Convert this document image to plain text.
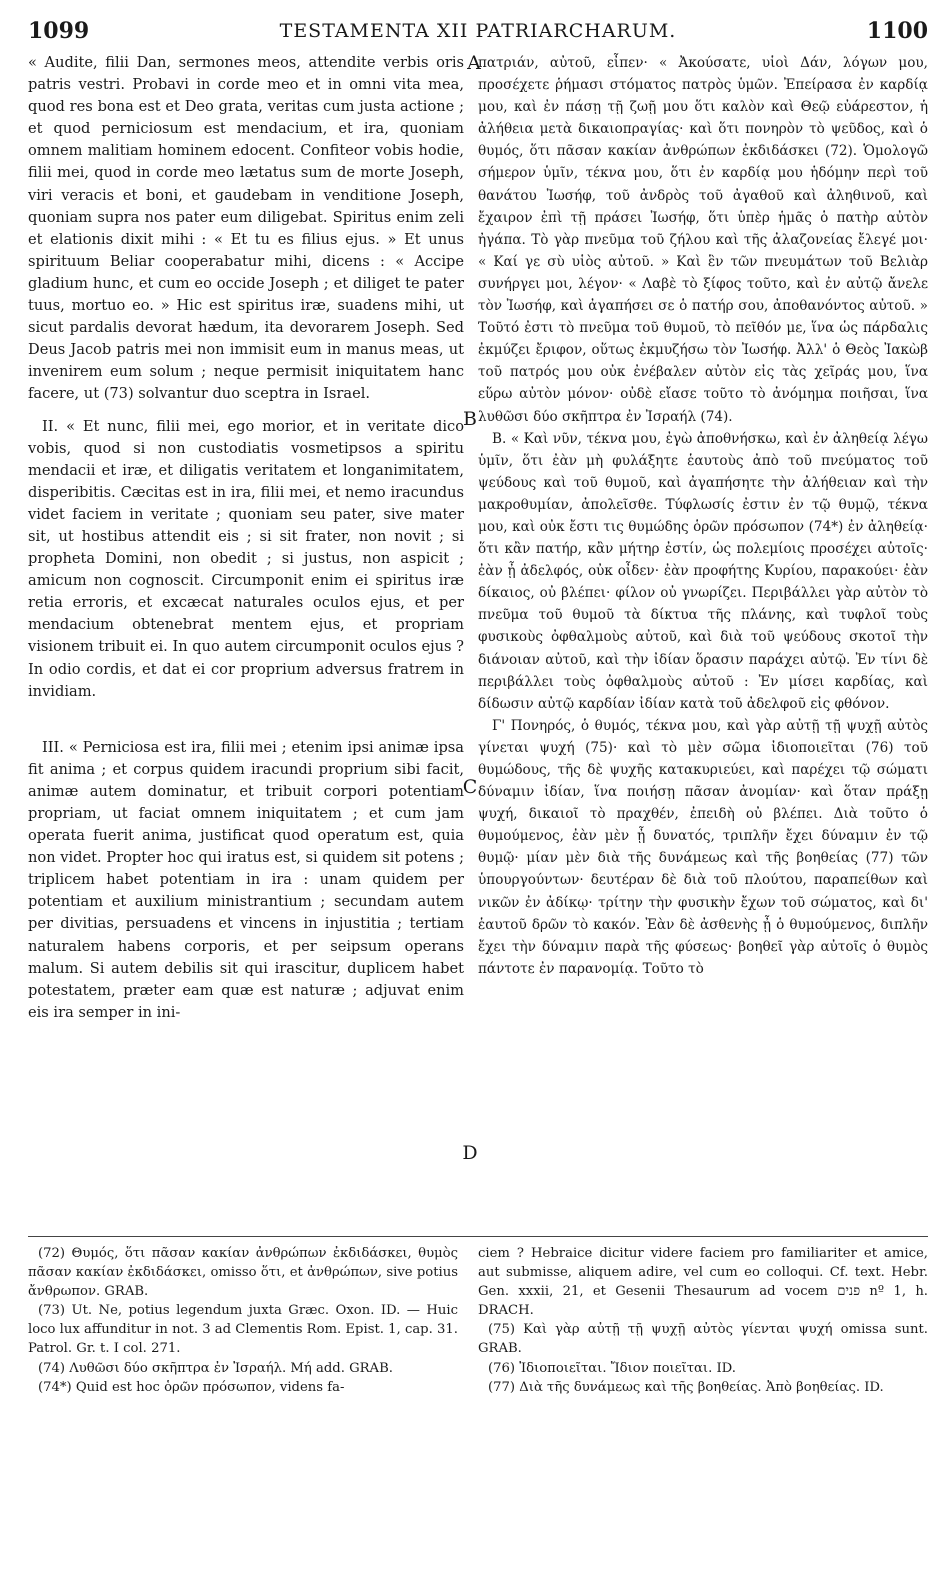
1099	TESTAMENTA XII PATRIARCHARUM.	1100

« Audite, filii Dan, sermones meos, attendite verbis oris patris vestri. Probavi in corde meo et in omni vita mea, quod res bona est et Deo grata, veritas cum justa actione ; et quod perniciosum est mendacium, et ira, quoniam omnem malitiam hominem edocent. Confiteor vobis hodie, filii mei, quod in corde meo lætatus sum de morte Joseph, viri veracis et boni, et gaudebam in venditione Joseph, quoniam supra nos pater eum diligebat. Spiritus enim zeli et elationis dixit mihi : « Et tu es filius ejus. » Et unus spirituum Beliar cooperabatur mihi, dicens : « Accipe gladium hunc, et cum eo occide Joseph ; et diliget te pater tuus, mortuo eo. » Hic est spiritus iræ, suadens mihi, ut sicut pardalis devorat hædum, ita devorarem Joseph. Sed Deus Jacob patris mei non immisit eum in manus meas, ut invenirem eum solum ; neque permisit iniquitatem hanc facere, ut (73) solvantur duo sceptra in Israel.

II. « Et nunc, filii mei, ego morior, et in veritate dico vobis, quod si non custodiatis vosmetipsos a spiritu mendacii et iræ, et diligatis veritatem et longanimitatem, disperibitis. Cæcitas est in ira, filii mei, et nemo iracundus videt faciem in veritate ; quoniam seu pater, sive mater sit, ut hostibus attendit eis ; si sit frater, non novit ; si propheta Domini, non obedit ; si justus, non aspicit ; amicum non cognoscit. Circumponit enim ei spiritus iræ retia erroris, et excæcat naturales oculos ejus, et per mendacium obtenebrat mentem ejus, et propriam visionem tribuit ei. In quo autem circumponit oculos ejus ? In odio cordis, et dat ei cor proprium adversus fratrem in invidiam.

III. « Perniciosa est ira, filii mei ; etenim ipsi animæ ipsa fit anima ; et corpus quidem iracundi proprium sibi facit, animæ autem dominatur, et tribuit corpori potentiam propriam, ut faciat omnem iniquitatem ; et cum jam operata fuerit anima, justificat quod operatum est, quia non videt. Propter hoc qui iratus est, si quidem sit potens ; triplicem habet potentiam in ira : unam quidem per potentiam et auxilium ministrantium ; secundam autem per divitias, persuadens et vincens in injustitia ; tertiam naturalem habens corporis, et per seipsum operans malum. Si autem debilis sit qui irascitur, duplicem habet potestatem, præter eam quæ est naturæ ; adjuvat enim eis ira semper in ini-

A
B
C
D

πατριάν, αὐτοῦ, εἶπεν· « Ἀκούσατε, υἱοὶ Δάν, λόγων μου, προσέχετε ῥήμασι στόματος πατρὸς ὑμῶν. Ἐπείρασα ἐν καρδίᾳ μου, καὶ ἐν πάσῃ τῇ ζωῇ μου ὅτι καλὸν καὶ Θεῷ εὐάρεστον, ἡ ἀλήθεια μετὰ δικαιοπραγίας· καὶ ὅτι πονηρὸν τὸ ψεῦδος, καὶ ὁ θυμός, ὅτι πᾶσαν κακίαν ἀνθρώπων ἐκδιδάσκει (72). Ὁμολογῶ σήμερον ὑμῖν, τέκνα μου, ὅτι ἐν καρδίᾳ μου ἡδόμην περὶ τοῦ θανάτου Ἰωσήφ, τοῦ ἀνδρὸς τοῦ ἀγαθοῦ καὶ ἀληθινοῦ, καὶ ἔχαιρον ἐπὶ τῇ πράσει Ἰωσήφ, ὅτι ὑπὲρ ἡμᾶς ὁ πατὴρ αὐτὸν ἠγάπα. Τὸ γὰρ πνεῦμα τοῦ ζήλου καὶ τῆς ἀλαζονείας ἔλεγέ μοι· « Καί γε σὺ υἱὸς αὐτοῦ. » Καὶ ἓν τῶν πνευμάτων τοῦ Βελιὰρ συνήργει μοι, λέγον· « Λαβὲ τὸ ξίφος τοῦτο, καὶ ἐν αὐτῷ ἄνελε τὸν Ἰωσήφ, καὶ ἀγαπήσει σε ὁ πατήρ σου, ἀποθανόντος αὐτοῦ. » Τοῦτό ἐστι τὸ πνεῦμα τοῦ θυμοῦ, τὸ πεῖθόν με, ἵνα ὡς πάρδαλις ἐκμύζει ἔριφον, οὕτως ἐκμυζήσω τὸν Ἰωσήφ. Ἀλλ' ὁ Θεὸς Ἰακὼβ τοῦ πατρός μου οὐκ ἐνέβαλεν αὐτὸν εἰς τὰς χεῖράς μου, ἵνα εὕρω αὐτὸν μόνον· οὐδὲ εἴασε τοῦτο τὸ ἀνόμημα ποιῆσαι, ἵνα λυθῶσι δύο σκῆπτρα ἐν Ἰσραήλ (74).

Β. « Καὶ νῦν, τέκνα μου, ἐγὼ ἀποθνήσκω, καὶ ἐν ἀληθείᾳ λέγω ὑμῖν, ὅτι ἐὰν μὴ φυλάξητε ἑαυτοὺς ἀπὸ τοῦ πνεύματος τοῦ ψεύδους καὶ τοῦ θυμοῦ, καὶ ἀγαπήσητε τὴν ἀλήθειαν καὶ τὴν μακροθυμίαν, ἀπολεῖσθε. Τύφλωσίς ἐστιν ἐν τῷ θυμῷ, τέκνα μου, καὶ οὐκ ἔστι τις θυμώδης ὁρῶν πρόσωπον (74*) ἐν ἀληθείᾳ· ὅτι κἂν πατήρ, κἂν μήτηρ ἐστίν, ὡς πολεμίοις προσέχει αὐτοῖς· ἐὰν ᾖ ἀδελφός, οὐκ οἶδεν· ἐὰν προφήτης Κυρίου, παρακούει· ἐὰν δίκαιος, οὐ βλέπει· φίλον οὐ γνωρίζει. Περιβάλλει γὰρ αὐτὸν τὸ πνεῦμα τοῦ θυμοῦ τὰ δίκτυα τῆς πλάνης, καὶ τυφλοῖ τοὺς φυσικοὺς ὀφθαλμοὺς αὐτοῦ, καὶ διὰ τοῦ ψεύδους σκοτοῖ τὴν διάνοιαν αὐτοῦ, καὶ τὴν ἰδίαν ὅρασιν παράχει αὐτῷ. Ἐν τίνι δὲ περιβάλλει τοὺς ὀφθαλμοὺς αὐτοῦ : Ἐν μίσει καρδίας, καὶ δίδωσιν αὐτῷ καρδίαν ἰδίαν κατὰ τοῦ ἀδελφοῦ εἰς φθόνον.

Γ' Πονηρός, ὁ θυμός, τέκνα μου, καὶ γὰρ αὐτῇ τῇ ψυχῇ αὐτὸς γίνεται ψυχή (75)· καὶ τὸ μὲν σῶμα ἰδιοποιεῖται (76) τοῦ θυμώδους, τῆς δὲ ψυχῆς κατακυριεύει, καὶ παρέχει τῷ σώματι δύναμιν ἰδίαν, ἵνα ποιήσῃ πᾶσαν ἀνομίαν· καὶ ὅταν πράξῃ ψυχή, δικαιοῖ τὸ πραχθέν, ἐπειδὴ οὐ βλέπει. Διὰ τοῦτο ὁ θυμούμενος, ἐὰν μὲν ᾖ δυνατός, τριπλῆν ἔχει δύναμιν ἐν τῷ θυμῷ· μίαν μὲν διὰ τῆς δυνάμεως καὶ τῆς βοηθείας (77) τῶν ὑπουργούντων· δευτέραν δὲ διὰ τοῦ πλούτου, παραπείθων καὶ νικῶν ἐν ἀδίκῳ· τρίτην τὴν φυσικὴν ἔχων τοῦ σώματος, καὶ δι' ἑαυτοῦ δρῶν τὸ κακόν. Ἐὰν δὲ ἀσθενὴς ᾖ ὁ θυμούμενος, διπλῆν ἔχει τὴν δύναμιν παρὰ τῆς φύσεως· βοηθεῖ γὰρ αὐτοῖς ὁ θυμὸς πάντοτε ἐν παρανομίᾳ. Τοῦτο τὸ

(72) Θυμός, ὅτι πᾶσαν κακίαν ἀνθρώπων ἐκδιδάσκει, θυμὸς πᾶσαν κακίαν ἐκδιδάσκει, omisso ὅτι, et ἀνθρώπων, sive potius ἄνθρωπον. GRAB.

(73) Ut. Ne, potius legendum juxta Græc. Oxon. ID. — Huic loco lux affunditur in not. 3 ad Clementis Rom. Epist. 1, cap. 31. Patrol. Gr. t. I col. 271.

(74) Λυθῶσι δύο σκῆπτρα ἐν Ἰσραήλ. Μή add. GRAB.

(74*) Quid est hoc ὁρῶν πρόσωπον, videns fa-

ciem ? Hebraice dicitur videre faciem pro familiariter et amice, aut submisse, aliquem adire, vel cum eo colloqui. Cf. text. Hebr. Gen. xxxii, 21, et Gesenii Thesaurum ad vocem פנים nº 1, h. DRACH.

(75) Καὶ γὰρ αὐτῇ τῇ ψυχῇ αὐτὸς γίενται ψυχή omissa sunt. GRAB.

(76) Ἰδιοποιεῖται. Ἴδιον ποιεῖται. ID.

(77) Διὰ τῆς δυνάμεως καὶ τῆς βοηθείας. Ἀπὸ βοηθείας. ID.
